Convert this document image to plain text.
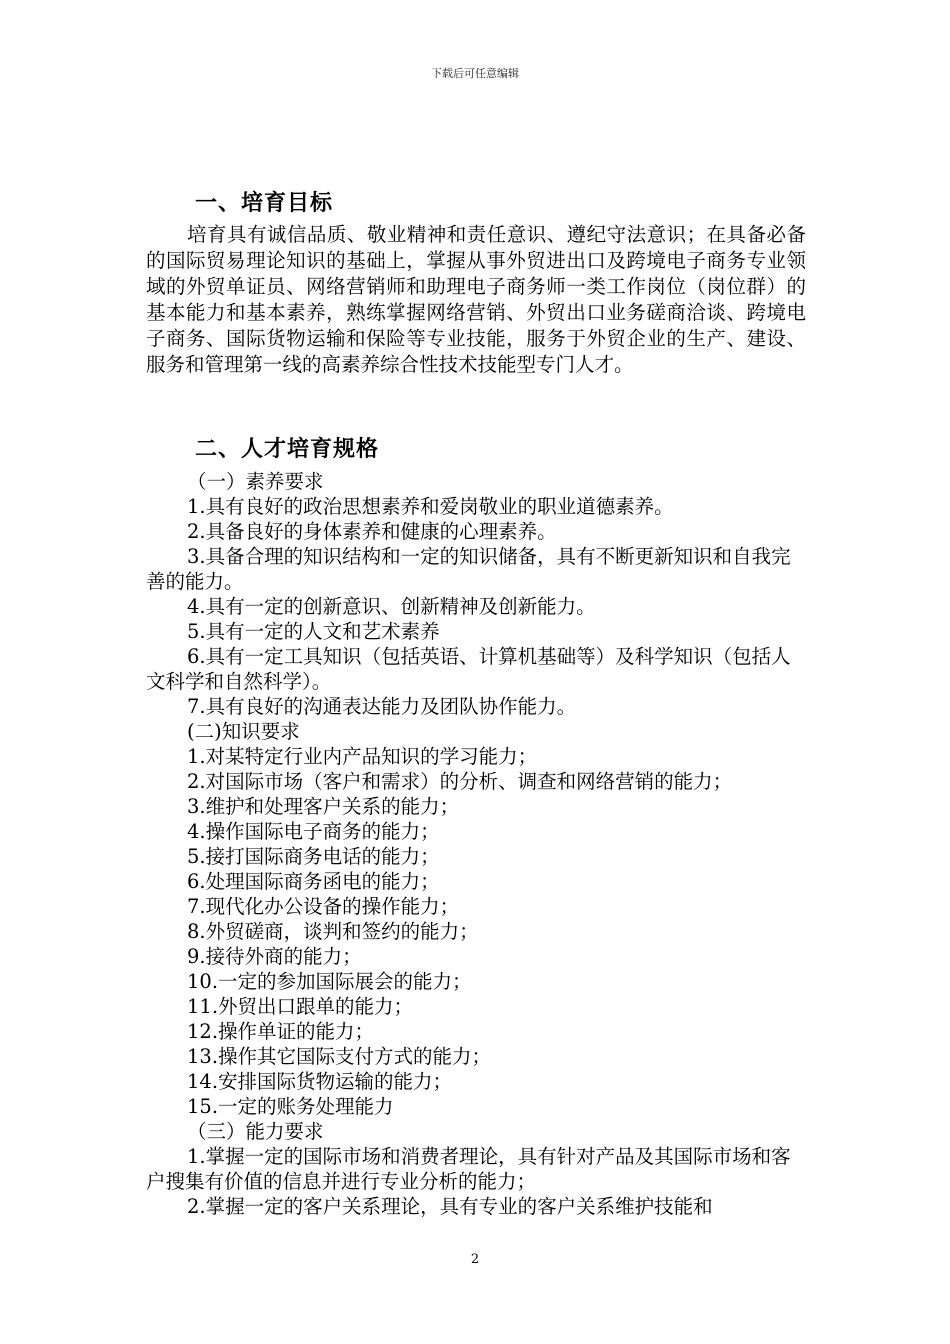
下载后可任意编辑
一、培育目标
培育具有诚信品质、敬业精神和责任意识、遵纪守法意识；在具备必备的国际贸易理论知识的基础上，掌握从事外贸进出口及跨境电子商务专业领域的外贸单证员、网络营销师和助理电子商务师一类工作岗位（岗位群）的基本能力和基本素养，熟练掌握网络营销、外贸出口业务磋商洽谈、跨境电子商务、国际货物运输和保险等专业技能，服务于外贸企业的生产、建设、服务和管理第一线的高素养综合性技术技能型专门人才。
二、人才培育规格
（一）素养要求
1.具有良好的政治思想素养和爱岗敬业的职业道德素养。
2.具备良好的身体素养和健康的心理素养。
3.具备合理的知识结构和一定的知识储备，具有不断更新知识和自我完善的能力。
4.具有一定的创新意识、创新精神及创新能力。
5.具有一定的人文和艺术素养
6.具有一定工具知识（包括英语、计算机基础等）及科学知识（包括人文科学和自然科学）。
7.具有良好的沟通表达能力及团队协作能力。
(二)知识要求
1.对某特定行业内产品知识的学习能力；
2.对国际市场（客户和需求）的分析、调查和网络营销的能力；
3.维护和处理客户关系的能力；
4.操作国际电子商务的能力；
5.接打国际商务电话的能力；
6.处理国际商务函电的能力；
7.现代化办公设备的操作能力；
8.外贸磋商，谈判和签约的能力；
9.接待外商的能力；
10.一定的参加国际展会的能力；
11.外贸出口跟单的能力；
12.操作单证的能力；
13.操作其它国际支付方式的能力；
14.安排国际货物运输的能力；
15.一定的账务处理能力
（三）能力要求
1.掌握一定的国际市场和消费者理论，具有针对产品及其国际市场和客户搜集有价值的信息并进行专业分析的能力；
2.掌握一定的客户关系理论，具有专业的客户关系维护技能和
2
